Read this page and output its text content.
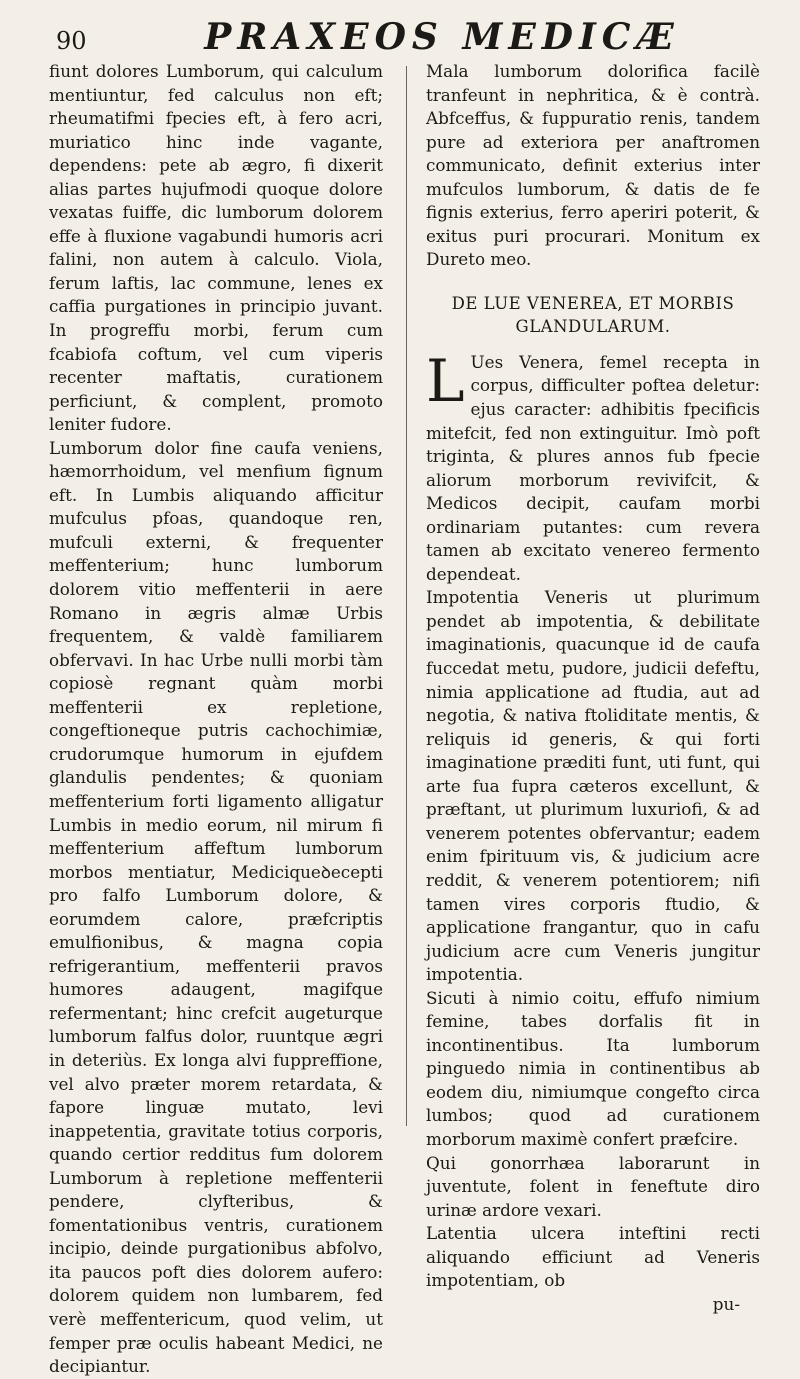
90	PRAXEOS MEDICÆ

fiunt dolores Lumborum, qui calculum mentiuntur, fed calculus non eft; rheumatifmi fpecies eft, à fero acri, muriatico hinc inde vagante, dependens: pete ab ægro, fi dixerit alias partes hujufmodi quoque dolore vexatas fuiffe, dic lumborum dolorem effe à fluxione vagabundi humoris acri falini, non autem à calculo. Viola, ferum laftis, lac commune, lenes ex caffia purgationes in principio juvant. In progreffu morbi, ferum cum fcabiofa coftum, vel cum viperis recenter maftatis, curationem perficiunt, & complent, promoto leniter fudore.

Lumborum dolor fine caufa veniens, hæmorrhoidum, vel menfium fignum eft. In Lumbis aliquando afficitur mufculus pfoas, quandoque ren, mufculi externi, & frequenter meffenterium; hunc lumborum dolorem vitio meffenterii in aere Romano in ægris almæ Urbis frequentem, & valdè familiarem obfervavi. In hac Urbe nulli morbi tàm copiosè regnant quàm morbi meffenterii ex repletione, congeftioneque putris cachochimiæ, crudorumque humorum in ejufdem glandulis pendentes; & quoniam meffenterium forti ligamento alligatur Lumbis in medio eorum, nil mirum fi meffenterium affeftum lumborum morbos mentiatur, Mediciqueꝺecepti pro falfo Lumborum dolore, & eorumdem calore, præfcriptis emulfionibus, & magna copia refrigerantium, meffenterii pravos humores adaugent, magifque refermentant; hinc crefcit augeturque lumborum falfus dolor, ruuntque ægri in deteriùs. Ex longa alvi fuppreffione, vel alvo præter morem retardata, & fapore linguæ mutato, levi inappetentia, gravitate totius corporis, quando certior redditus fum dolorem Lumborum à repletione meffenterii pendere, clyfteribus, & fomentationibus ventris, curationem incipio, deinde purgationibus abfolvo, ita paucos poft dies dolorem aufero: dolorem quidem non lumbarem, fed verè meffentericum, quod velim, ut femper præ oculis habeant Medici, ne decipiantur.

Mala lumborum dolorifica facilè tranfeunt in nephritica, & è contrà. Abfceffus, & fuppuratio renis, tandem pure ad exteriora per anaftromen communicato, definit exterius inter mufculos lumborum, & datis de fe fignis exterius, ferro aperiri poterit, & exitus puri procurari. Monitum ex Dureto meo.

DE LUE VENEREA, ET MORBIS GLANDULARUM.

L Ues Venera, femel recepta in corpus, difficulter poftea deletur: ejus caracter: adhibitis fpecificis mitefcit, fed non extinguitur. Imò poft triginta, & plures annos fub fpecie aliorum morborum revivifcit, & Medicos decipit, caufam morbi ordinariam putantes: cum revera tamen ab excitato venereo fermento dependeat.

Impotentia Veneris ut plurimum pendet ab impotentia, & debilitate imaginationis, quacunque id de caufa fuccedat metu, pudore, judicii defeftu, nimia applicatione ad ftudia, aut ad negotia, & nativa ftoliditate mentis, & reliquis id generis, & qui forti imaginatione præditi funt, uti funt, qui arte fua fupra cæteros excellunt, & præftant, ut plurimum luxuriofi, & ad venerem potentes obfervantur; eadem enim fpirituum vis, & judicium acre reddit, & venerem potentiorem; nifi tamen vires corporis ftudio, & applicatione frangantur, quo in cafu judicium acre cum Veneris jungitur impotentia.

Sicuti à nimio coitu, effufo nimium femine, tabes dorfalis fit in incontinentibus. Ita lumborum pinguedo nimia in continentibus ab eodem diu, nimiumque congefto circa lumbos; quod ad curationem morborum maximè confert præfcire.

Qui gonorrhæa laborarunt in juventute, folent in feneftute diro urinæ ardore vexari.

Latentia ulcera inteftini recti aliquando efficiunt ad Veneris impotentiam, ob

pu-
